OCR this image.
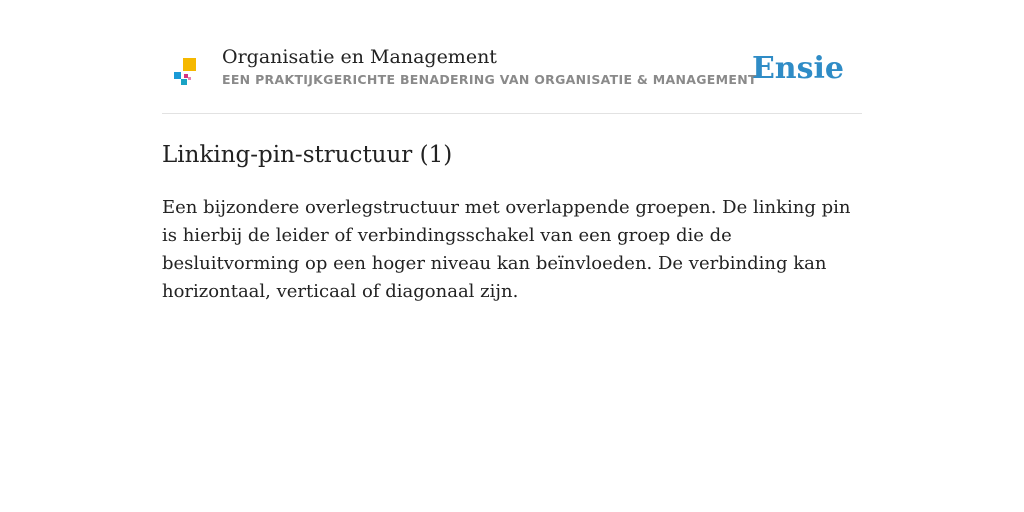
Organisatie en Management
EEN PRAKTIJKGERICHTE BENADERING VAN ORGANISATIE & MANAGEMENT
Ensie
Linking-pin-structuur (1)

Een bijzondere overlegstructuur met overlappende groepen. De linking pin is hierbij de leider of verbindingsschakel van een groep die de besluitvorming op een hoger niveau kan beïnvloeden. De verbinding kan horizontaal, verticaal of diagonaal zijn.
